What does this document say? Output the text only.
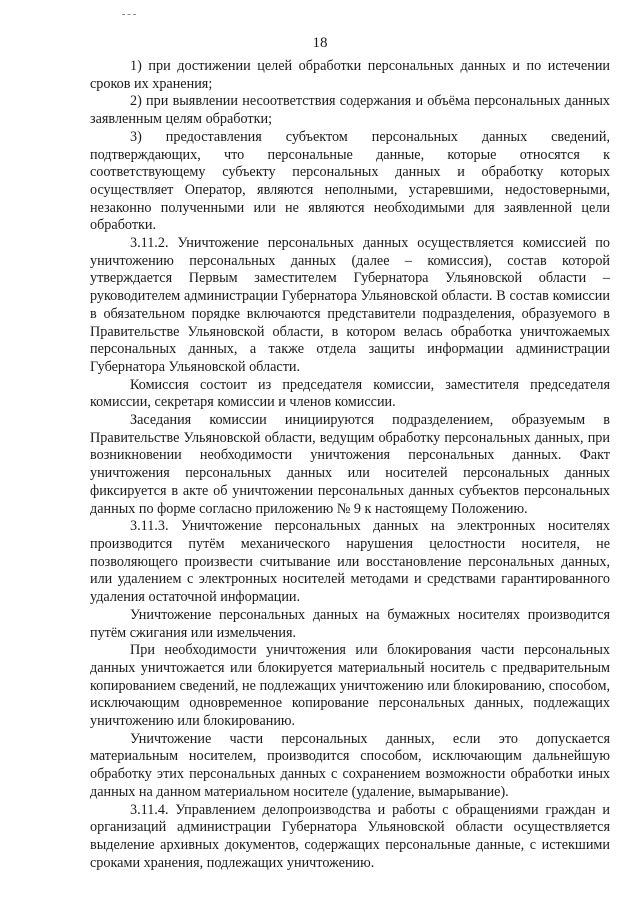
18

1) при достижении целей обработки персональных данных и по истечении сроков их хранения;

2) при выявлении несоответствия содержания и объёма персональных данных заявленным целям обработки;

3) предоставления субъектом персональных данных сведений, подтверждающих, что персональные данные, которые относятся к соответствующему субъекту персональных данных и обработку которых осуществляет Оператор, являются неполными, устаревшими, недостоверными, незаконно полученными или не являются необходимыми для заявленной цели обработки.

3.11.2. Уничтожение персональных данных осуществляется комиссией по уничтожению персональных данных (далее – комиссия), состав которой утверждается Первым заместителем Губернатора Ульяновской области – руководителем администрации Губернатора Ульяновской области. В состав комиссии в обязательном порядке включаются представители подразделения, образуемого в Правительстве Ульяновской области, в котором велась обработка уничтожаемых персональных данных, а также отдела защиты информации администрации Губернатора Ульяновской области.

Комиссия состоит из председателя комиссии, заместителя председателя комиссии, секретаря комиссии и членов комиссии.

Заседания комиссии инициируются подразделением, образуемым в Правительстве Ульяновской области, ведущим обработку персональных данных, при возникновении необходимости уничтожения персональных данных. Факт уничтожения персональных данных или носителей персональных данных фиксируется в акте об уничтожении персональных данных субъектов персональных данных по форме согласно приложению № 9 к настоящему Положению.

3.11.3. Уничтожение персональных данных на электронных носителях производится путём механического нарушения целостности носителя, не позволяющего произвести считывание или восстановление персональных данных, или удалением с электронных носителей методами и средствами гарантированного удаления остаточной информации.

Уничтожение персональных данных на бумажных носителях производится путём сжигания или измельчения.

При необходимости уничтожения или блокирования части персональных данных уничтожается или блокируется материальный носитель с предварительным копированием сведений, не подлежащих уничтожению или блокированию, способом, исключающим одновременное копирование персональных данных, подлежащих уничтожению или блокированию.

Уничтожение части персональных данных, если это допускается материальным носителем, производится способом, исключающим дальнейшую обработку этих персональных данных с сохранением возможности обработки иных данных на данном материальном носителе (удаление, вымарывание).

3.11.4. Управлением делопроизводства и работы с обращениями граждан и организаций администрации Губернатора Ульяновской области осуществляется выделение архивных документов, содержащих персональные данные, с истекшими сроками хранения, подлежащих уничтожению.
